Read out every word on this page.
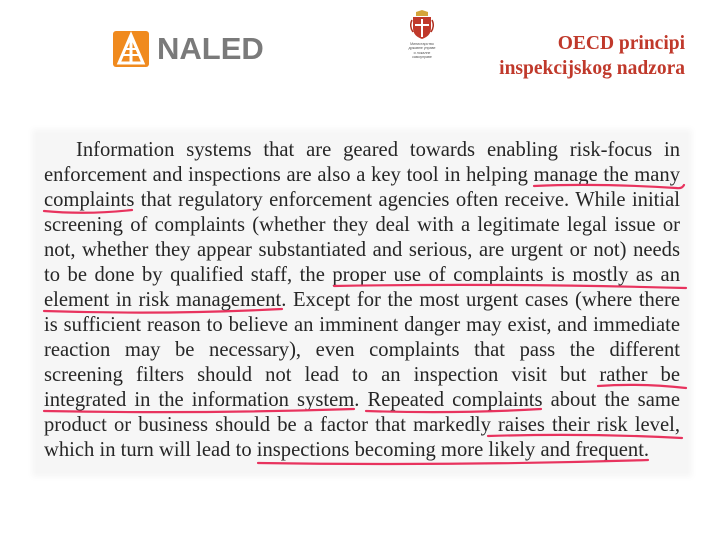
NALED	Министарство
државне управе
и локалне
самоуправе
OECD principi
inspekcijskog nadzora
Information systems that are geared towards enabling risk-focus in
enforcement and inspections are also a key tool in helping manage the many
complaints that regulatory enforcement agencies often receive. While initial
screening of complaints (whether they deal with a legitimate legal issue or
not, whether they appear substantiated and serious, are urgent or not) needs
to be done by qualified staff, the proper use of complaints is mostly as an
element in risk management. Except for the most urgent cases (where there
is sufficient reason to believe an imminent danger may exist, and immediate
reaction may be necessary), even complaints that pass the different
screening filters should not lead to an inspection visit but rather be
integrated in the information system. Repeated complaints about the same
product or business should be a factor that markedly raises their risk level,
which in turn will lead to inspections becoming more likely and frequent.
